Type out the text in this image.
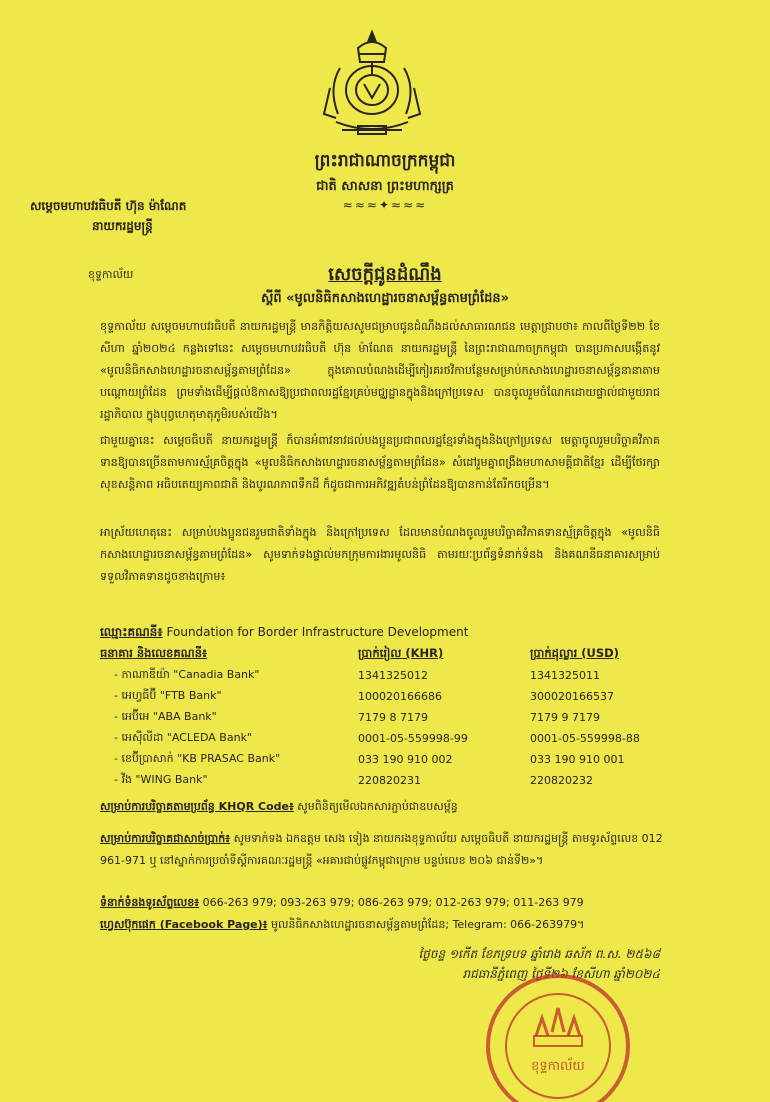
ព្រះរាជាណាចក្រកម្ពុជា
ជាតិ សាសនា ព្រះមហាក្សត្រ
≈≈≈✦≈≈≈
សម្ដេចមហាបវរធិបតី ហ៊ុន ម៉ាណែត
នាយករដ្ឋមន្ត្រី
ខុទ្ទកាល័យ	សេចក្ដីជូនដំណឹង
ស្ដីពី «មូលនិធិកសាងហេដ្ឋារចនាសម្ព័ន្ធតាមព្រំដែន»
ខុទ្ទកាល័យ សម្ដេចមហាបវរធិបតី នាយករដ្ឋមន្ត្រី មានកិត្តិយសសូមជម្រាបជូនដំណឹងដល់សាធារណជន មេត្តាជ្រាបថា៖ កាលពីថ្ងៃទី២២ ខែសីហា ឆ្នាំ២០២៤ កន្លងទៅនេះ សម្ដេចមហាបវរធិបតី ហ៊ុន ម៉ាណែត នាយករដ្ឋមន្ត្រី នៃព្រះរាជាណាចក្រកម្ពុជា បានប្រកាសបង្កើតនូវ «មូលនិធិកសាងហេដ្ឋារចនាសម្ព័ន្ធតាមព្រំដែន» ក្នុងគោលបំណងដើម្បីកៀរគរថវិកាបន្ថែមសម្រាប់កសាងហេដ្ឋារចនាសម្ព័ន្ធនានាតាមបណ្ដោយព្រំដែន ព្រមទាំងដើម្បីផ្ដល់ឱកាសឱ្យប្រជាពលរដ្ឋខ្មែរគ្រប់មជ្ឈដ្ឋានក្នុងនិងក្រៅប្រទេស បានចូលរួមចំណែកដោយផ្ទាល់ជាមួយរាជរដ្ឋាភិបាល ក្នុងបុព្វហេតុមាតុភូមិរបស់យើង។
ជាមួយគ្នានេះ សម្ដេចធិបតី នាយករដ្ឋមន្ត្រី ក៏បានអំពាវនាវដល់បងប្អូនប្រជាពលរដ្ឋខ្មែរទាំងក្នុងនិងក្រៅប្រទេស មេត្តាចូលរួមបរិច្ចាគវិភាគទានឱ្យបានច្រើនតាមការស្ម័គ្រចិត្តក្នុង «មូលនិធិកសាងហេដ្ឋារចនាសម្ព័ន្ធតាមព្រំដែន» សំដៅរួមគ្នាពង្រឹងមហាសាមគ្គីជាតិខ្មែរ ដើម្បីថែរក្សាសុខសន្តិភាព អធិបតេយ្យភាពជាតិ និងបូរណភាពទឹកដី ក៏ដូចជាការអភិវឌ្ឍតំបន់ព្រំដែនឱ្យបានកាន់តែរីកចម្រើន។
អាស្រ័យហេតុនេះ សម្រាប់បងប្អូនជនរួមជាតិទាំងក្នុង និងក្រៅប្រទេស ដែលមានបំណងចូលរួមបរិច្ចាគវិភាគទានស្ម័គ្រចិត្តក្នុង «មូលនិធិកសាងហេដ្ឋារចនាសម្ព័ន្ធតាមព្រំដែន» សូមទាក់ទងផ្ទាល់មកក្រុមការងារមូលនិធិ តាមរយៈប្រព័ន្ធទំនាក់ទំនង និងគណនីធនាគារសម្រាប់ទទួលវិភាគទានដូចខាងក្រោម៖
ឈ្មោះគណនី៖ Foundation for Border Infrastructure Development
ធនាគារ និងលេខគណនី៖	ប្រាក់រៀល (KHR)	ប្រាក់ដុល្លារ (USD)
- កាណាឌីយ៉ា "Canadia Bank"	1341325012	1341325011
- អេហ្វធីប៊ី "FTB Bank"	100020166686	300020166537
- អេប៊ីអេ "ABA Bank"	7179 8 7179	7179 9 7179
- អេស៊ីលីដា "ACLEDA Bank"	0001-05-559998-99	0001-05-559998-88
- ខេប៊ីប្រាសាក់ "KB PRASAC Bank"	033 190 910 002	033 190 910 001
- វីង "WING Bank"	220820231	220820232
សម្រាប់ការបរិច្ចាគតាមប្រព័ន្ធ KHQR Code៖ សូមពិនិត្យមើលឯកសារភ្ជាប់ជាឧបសម្ព័ន្ធ
សម្រាប់ការបរិច្ចាគជាសាច់ប្រាក់៖ សូមទាក់ទង ឯកឧត្តម សេង ទៀង នាយករងខុទ្ទកាល័យ សម្ដេចធិបតី នាយករដ្ឋមន្ត្រី តាមទូរស័ព្ទលេខ 012 961-971 ឬ នៅស្នាក់ការប្រចាំទីស្ដីការគណៈរដ្ឋមន្ត្រី «អគារជាប់ផ្លូវកម្ពុជាក្រោម បន្ទប់លេខ ២០៦ ជាន់ទី២»។
ទំនាក់ទំនងទូរស័ព្ទលេខ៖ 066-263 979; 093-263 979; 086-263 979; 012-263 979; 011-263 979
ហ្វេសប៊ុកផេក (Facebook Page)៖ មូលនិធិកសាងហេដ្ឋារចនាសម្ព័ន្ធតាមព្រំដែន; Telegram: 066-263979។
ថ្ងៃចន្ទ ១កើត ខែភទ្របទ ឆ្នាំរោង ឆស័ក ព.ស. ២៥៦៨
រាជធានីភ្នំពេញ ថ្ងៃទី២៦ ខែសីហា ឆ្នាំ២០២៤
ខុទ្ទកាល័យ
